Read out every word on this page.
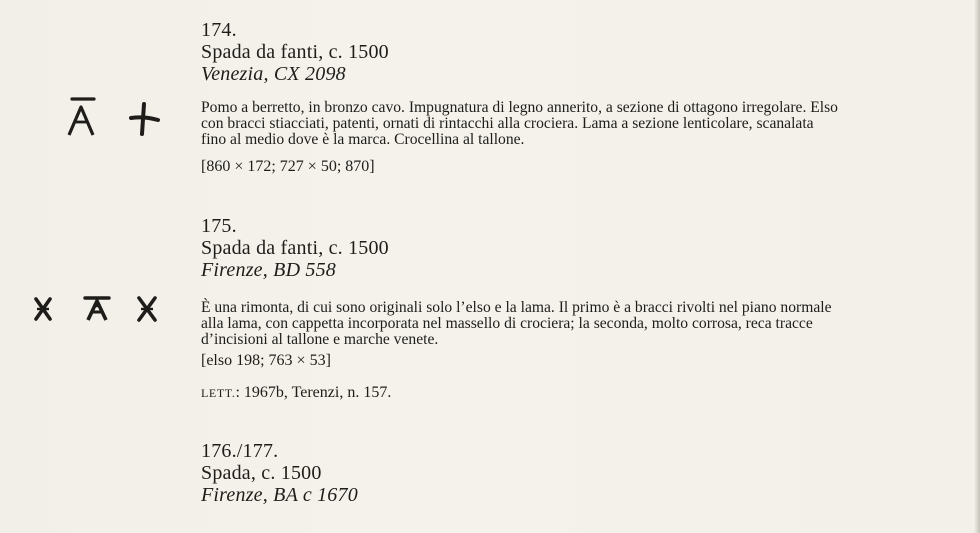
174.
Spada da fanti, c. 1500
Venezia, CX 2098
Pomo a berretto, in bronzo cavo. Impugnatura di legno annerito, a sezione di ottagono irregolare. Elso
con bracci stiacciati, patenti, ornati di rintacchi alla crociera. Lama a sezione lenticolare, scanalata
fino al medio dove è la marca. Crocellina al tallone.
[860 × 172; 727 × 50; 870]
175.
Spada da fanti, c. 1500
Firenze, BD 558
È una rimonta, di cui sono originali solo l’elso e la lama. Il primo è a bracci rivolti nel piano normale
alla lama, con cappetta incorporata nel massello di crociera; la seconda, molto corrosa, reca tracce
d’incisioni al tallone e marche venete.
[elso 198; 763 × 53]
LETT.: 1967b, Terenzi, n. 157.
176./177.
Spada, c. 1500
Firenze, BA c 1670
